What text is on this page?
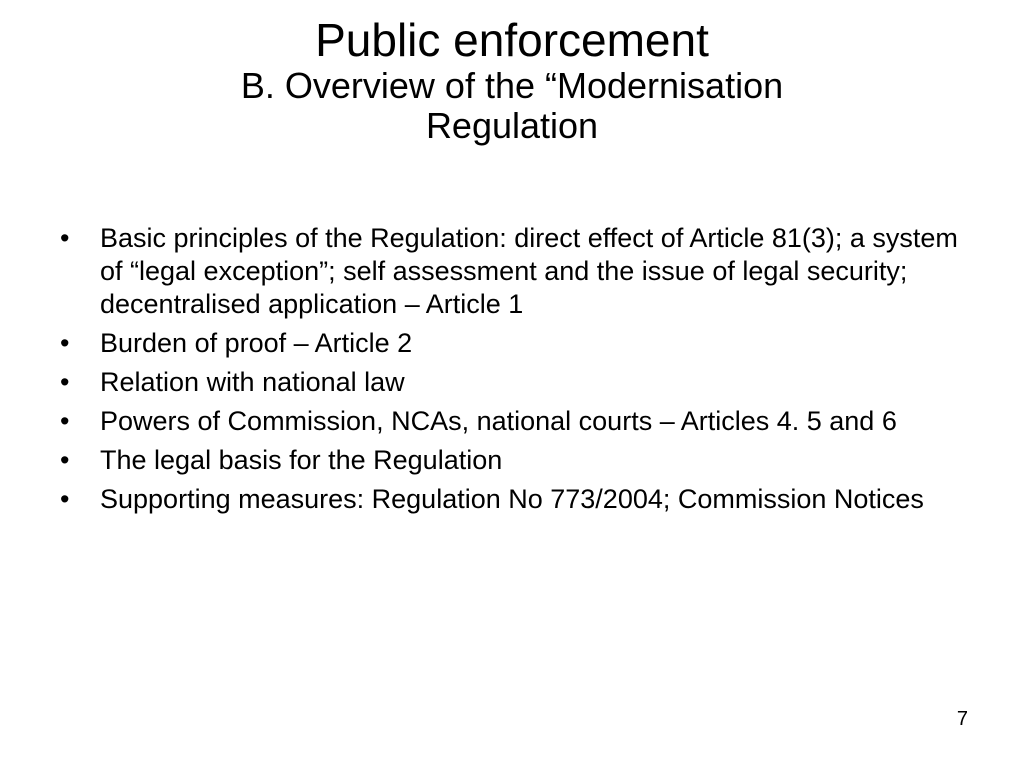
Public enforcement
B. Overview of the “Modernisation
Regulation
•	Basic principles of the Regulation: direct effect of Article 81(3); a system of “legal exception”; self assessment and the issue of legal security; decentralised application – Article 1
•	Burden of proof – Article 2
•	Relation with national law
•	Powers of Commission, NCAs, national courts – Articles 4. 5 and 6
•	The legal basis for the Regulation
•	Supporting measures: Regulation No 773/2004; Commission Notices
7
